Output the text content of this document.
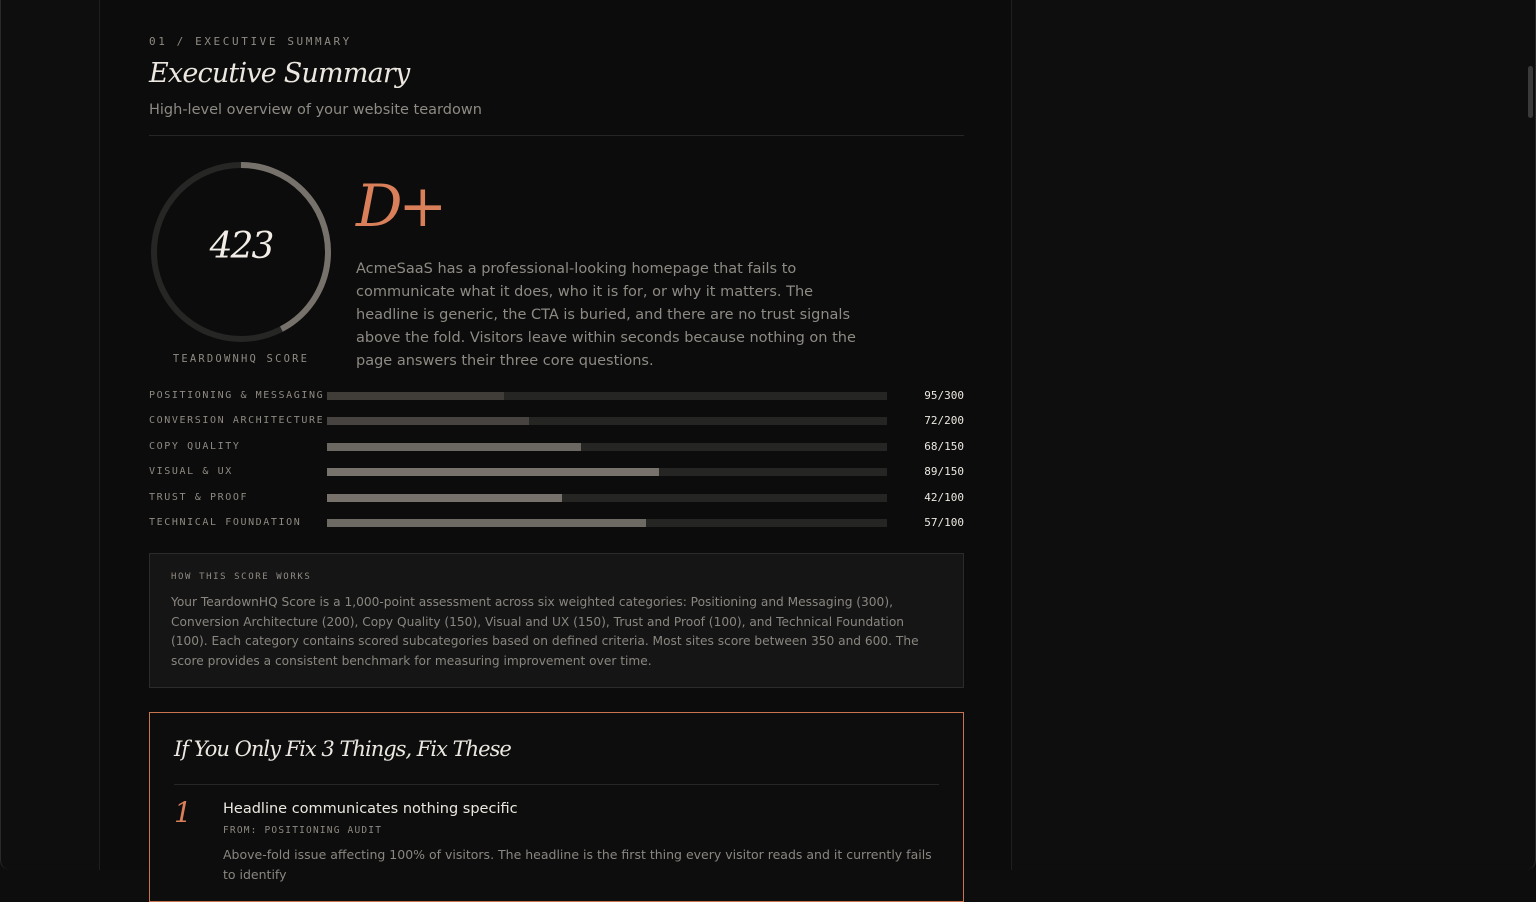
01 / EXECUTIVE SUMMARY
Executive Summary
High-level overview of your website teardown
423
TEARDOWNHQ SCORE
D+
AcmeSaaS has a professional-looking homepage that fails to communicate what it does, who it is for, or why it matters. The headline is generic, the CTA is buried, and there are no trust signals above the fold. Visitors leave within seconds because nothing on the page answers their three core questions.
POSITIONING & MESSAGING	95/300
CONVERSION ARCHITECTURE	72/200
COPY QUALITY	68/150
VISUAL & UX	89/150
TRUST & PROOF	42/100
TECHNICAL FOUNDATION	57/100
HOW THIS SCORE WORKS
Your TeardownHQ Score is a 1,000-point assessment across six weighted categories: Positioning and Messaging (300), Conversion Architecture (200), Copy Quality (150), Visual and UX (150), Trust and Proof (100), and Technical Foundation (100). Each category contains scored subcategories based on defined criteria. Most sites score between 350 and 600. The score provides a consistent benchmark for measuring improvement over time.
If You Only Fix 3 Things, Fix These
1 Headline communicates nothing specific
FROM: POSITIONING AUDIT
Above-fold issue affecting 100% of visitors. The headline is the first thing every visitor reads and it currently fails to identify
